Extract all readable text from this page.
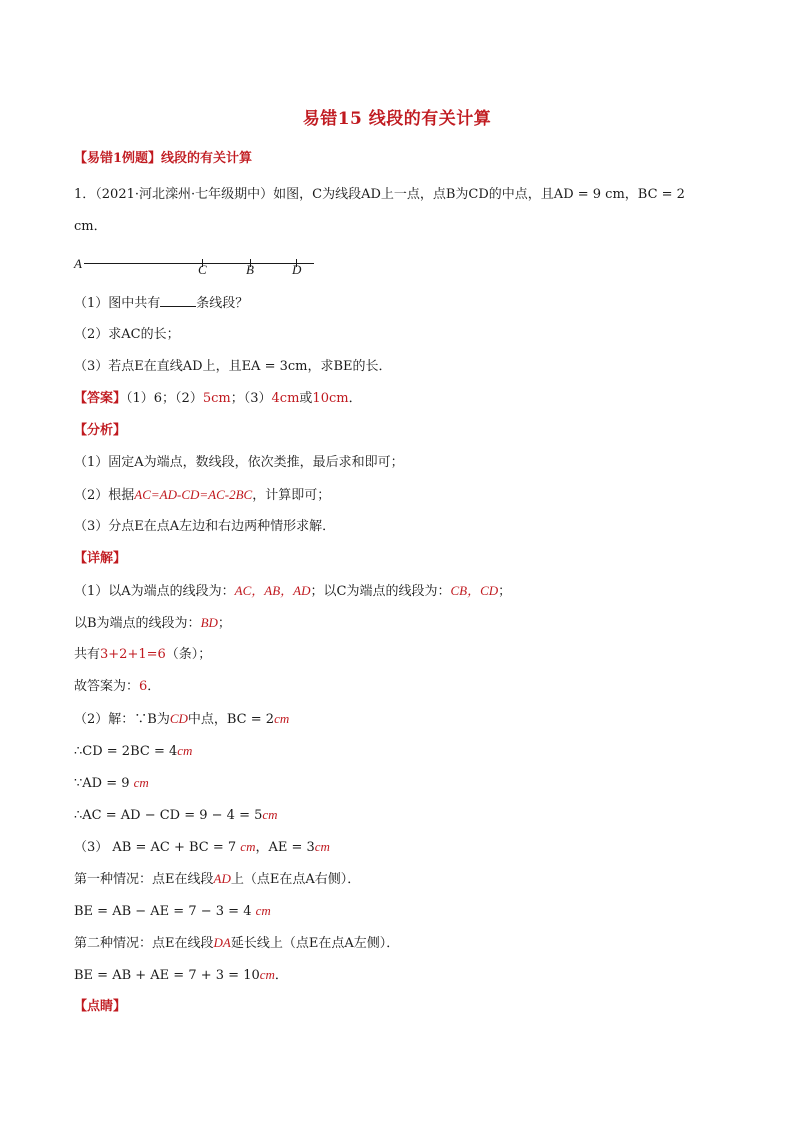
易错15 线段的有关计算
【易错1例题】线段的有关计算
1．（2021·河北滦州·七年级期中）如图，C为线段AD上一点，点B为CD的中点，且AD = 9 cm，BC = 2
cm．
A	C	B	D
（1）图中共有	条线段？
（2）求AC的长；
（3）若点E在直线AD上，且EA = 3cm，求BE的长．
【答案】（1）6；（2）5cm；（3）4cm或10cm．
【分析】
（1）固定A为端点，数线段，依次类推，最后求和即可；
（2）根据AC=AD-CD=AC-2BC，计算即可；
（3）分点E在点A左边和右边两种情形求解．
【详解】
（1）以A为端点的线段为：AC，AB，AD；以C为端点的线段为：CB，CD；
以B为端点的线段为：BD；
共有3+2+1=6（条）；
故答案为：6．
（2）解：∵B为CD中点，BC = 2cm
∴CD = 2BC = 4cm
∵AD = 9 cm
∴AC = AD − CD = 9 − 4 = 5cm
（3） AB = AC + BC = 7 cm，AE = 3cm
第一种情况：点E在线段AD上（点E在点A右侧）．
BE = AB − AE = 7 − 3 = 4 cm
第二种情况：点E在线段DA延长线上（点E在点A左侧）．
BE = AB + AE = 7 + 3 = 10cm．
【点睛】
